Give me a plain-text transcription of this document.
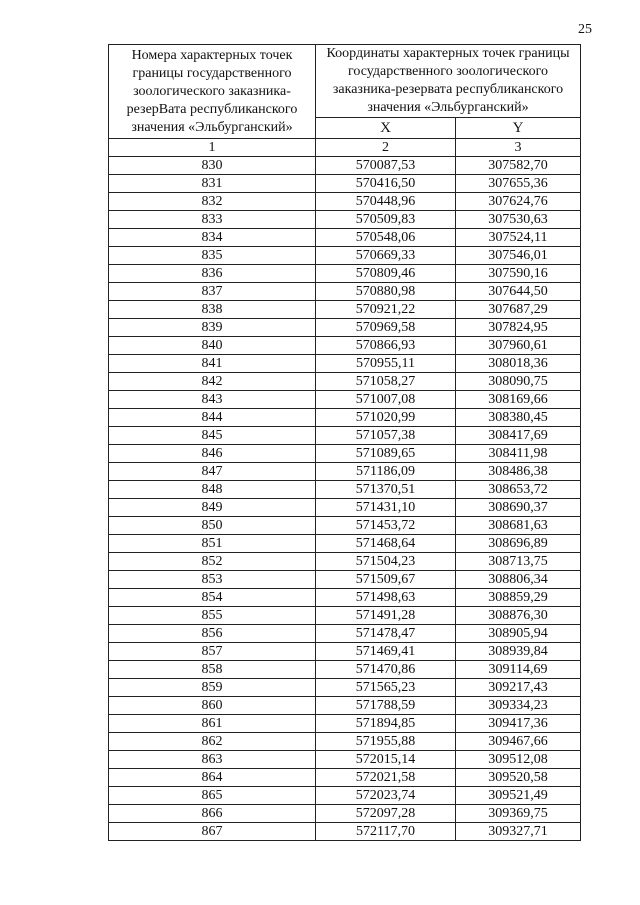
25
Номера характерных точек границы государственного зоологического заказника-резерВата республиканского значения «Эльбурганский»	Координаты характерных точек границы государственного зоологического заказника-резервата республиканского значения «Эльбурганский»	
	X	Y
1	2	3
830	570087,53	307582,70
831	570416,50	307655,36
832	570448,96	307624,76
833	570509,83	307530,63
834	570548,06	307524,11
835	570669,33	307546,01
836	570809,46	307590,16
837	570880,98	307644,50
838	570921,22	307687,29
839	570969,58	307824,95
840	570866,93	307960,61
841	570955,11	308018,36
842	571058,27	308090,75
843	571007,08	308169,66
844	571020,99	308380,45
845	571057,38	308417,69
846	571089,65	308411,98
847	571186,09	308486,38
848	571370,51	308653,72
849	571431,10	308690,37
850	571453,72	308681,63
851	571468,64	308696,89
852	571504,23	308713,75
853	571509,67	308806,34
854	571498,63	308859,29
855	571491,28	308876,30
856	571478,47	308905,94
857	571469,41	308939,84
858	571470,86	309114,69
859	571565,23	309217,43
860	571788,59	309334,23
861	571894,85	309417,36
862	571955,88	309467,66
863	572015,14	309512,08
864	572021,58	309520,58
865	572023,74	309521,49
866	572097,28	309369,75
867	572117,70	309327,71
